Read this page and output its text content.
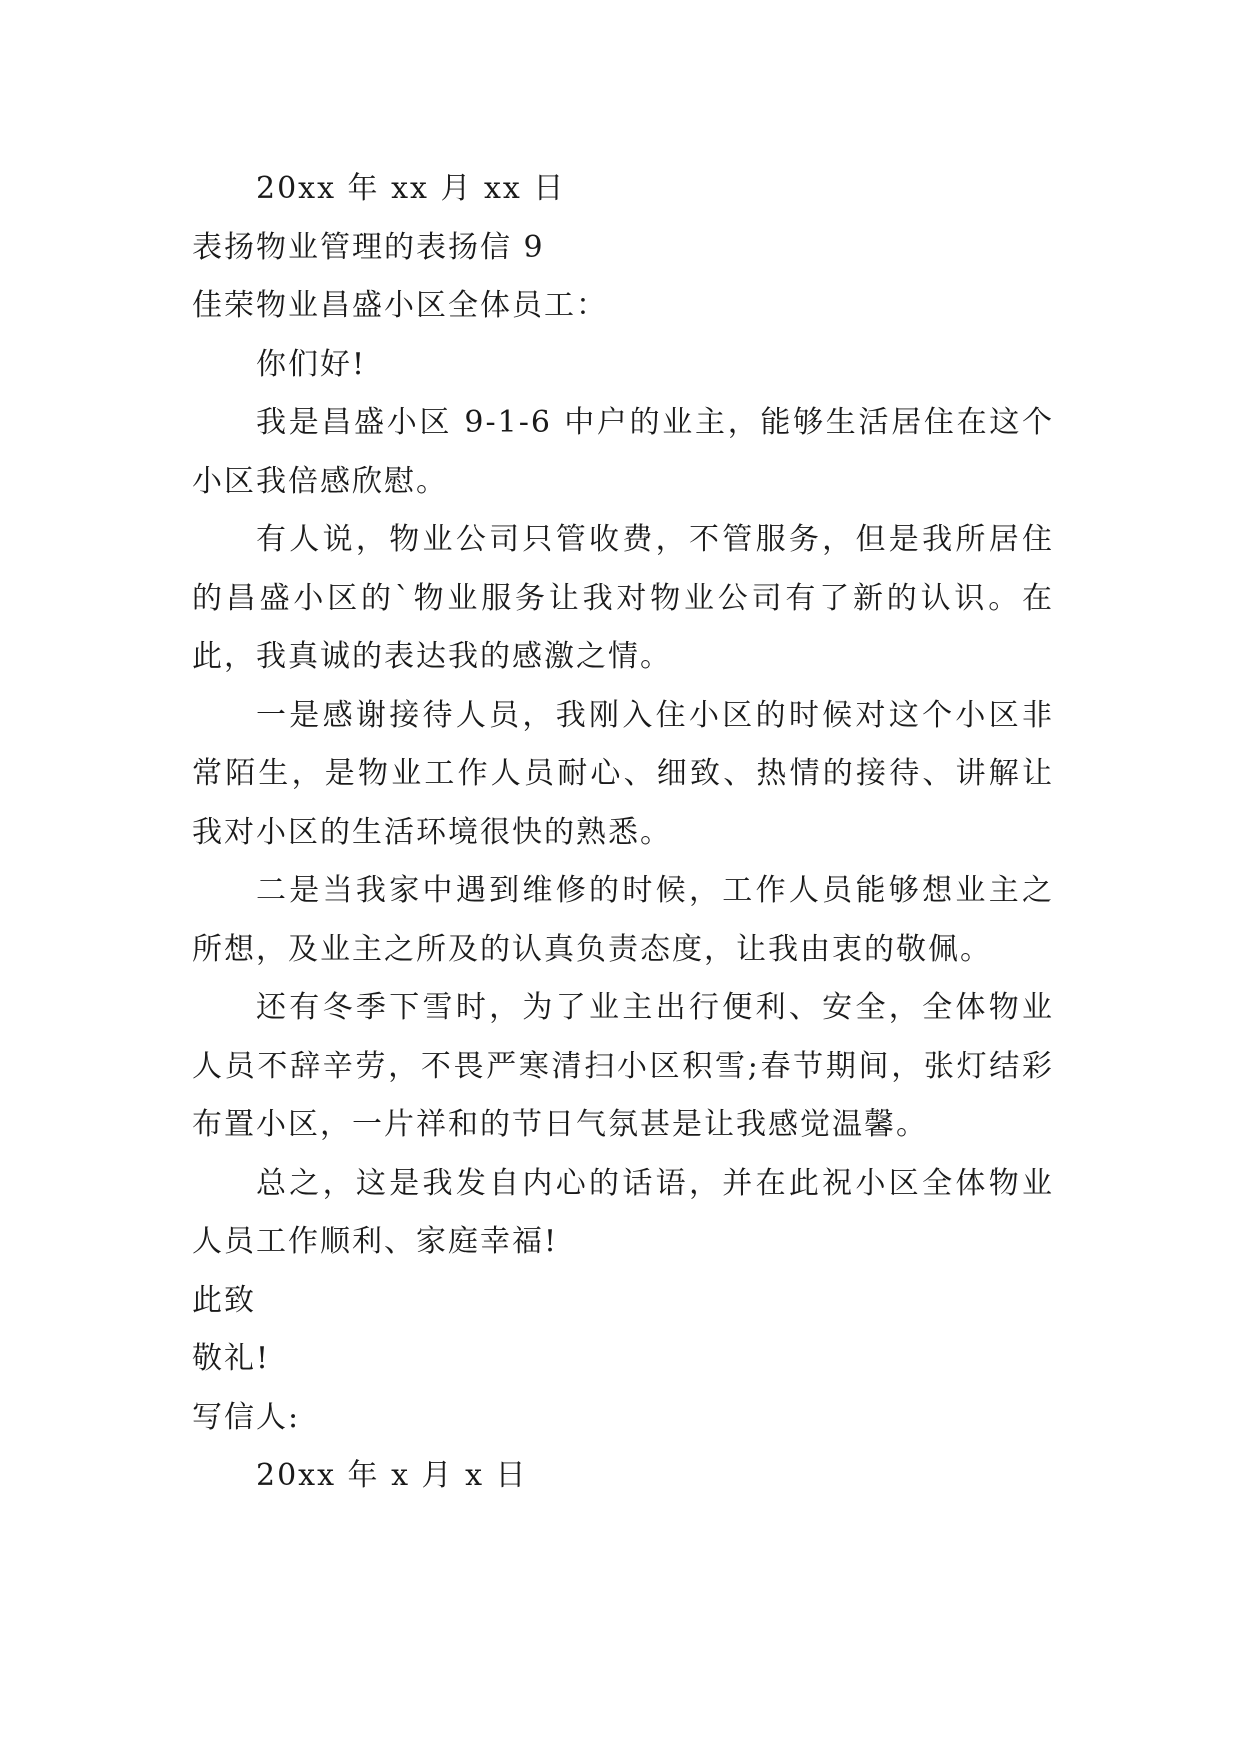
20xx 年 xx 月 xx 日
表扬物业管理的表扬信 9
佳荣物业昌盛小区全体员工：
你们好!

我是昌盛小区 9-1-6 中户的业主，能够生活居住在这个小区我倍感欣慰。

有人说，物业公司只管收费，不管服务，但是我所居住的昌盛小区的`物业服务让我对物业公司有了新的认识。在此，我真诚的表达我的感激之情。

一是感谢接待人员，我刚入住小区的时候对这个小区非常陌生，是物业工作人员耐心、细致、热情的接待、讲解让我对小区的生活环境很快的熟悉。

二是当我家中遇到维修的时候，工作人员能够想业主之所想，及业主之所及的认真负责态度，让我由衷的敬佩。

还有冬季下雪时，为了业主出行便利、安全，全体物业人员不辞辛劳，不畏严寒清扫小区积雪;春节期间，张灯结彩布置小区，一片祥和的节日气氛甚是让我感觉温馨。

总之，这是我发自内心的话语，并在此祝小区全体物业人员工作顺利、家庭幸福!

此致
敬礼!
写信人:
20xx 年 x 月 x 日
